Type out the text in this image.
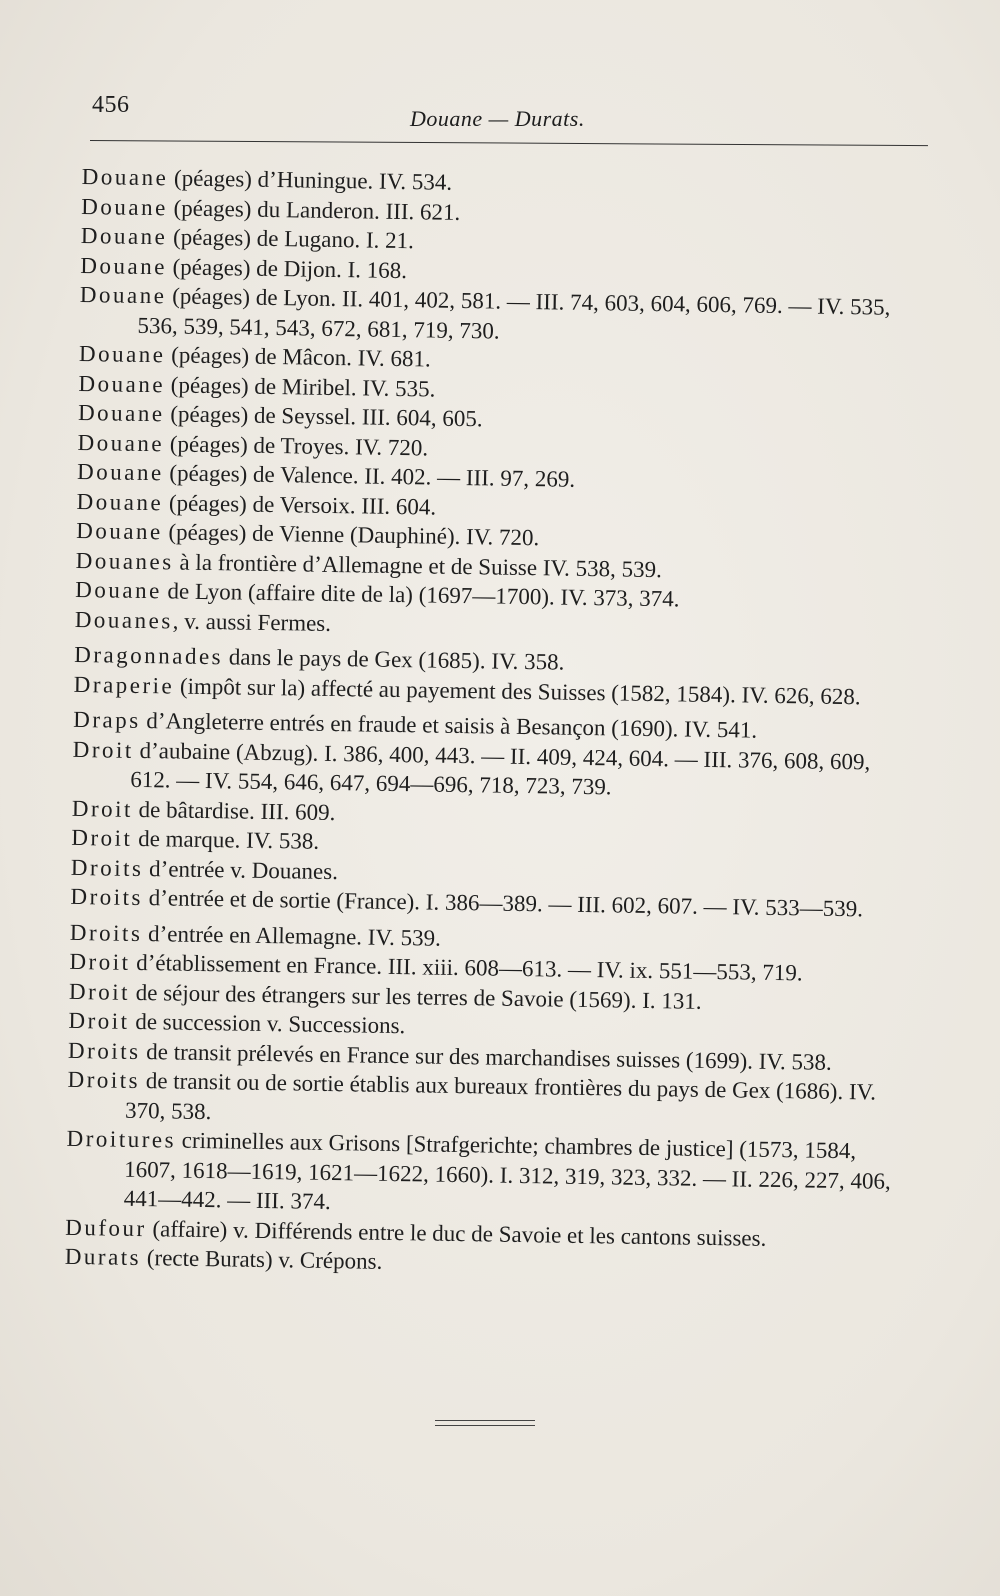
456
Douane — Durats.

Douane (péages) d’Huningue. IV. 534.

Douane (péages) du Landeron. III. 621.

Douane (péages) de Lugano. I. 21.

Douane (péages) de Dijon. I. 168.

Douane (péages) de Lyon. II. 401, 402, 581. — III. 74, 603, 604, 606, 769. — IV. 535, 536, 539, 541, 543, 672, 681, 719, 730.

Douane (péages) de Mâcon. IV. 681.

Douane (péages) de Miribel. IV. 535.

Douane (péages) de Seyssel. III. 604, 605.

Douane (péages) de Troyes. IV. 720.

Douane (péages) de Valence. II. 402. — III. 97, 269.

Douane (péages) de Versoix. III. 604.

Douane (péages) de Vienne (Dauphiné). IV. 720.

Douanes à la frontière d’Allemagne et de Suisse IV. 538, 539.

Douane de Lyon (affaire dite de la) (1697—1700). IV. 373, 374.

Douanes, v. aussi Fermes.

Dragonnades dans le pays de Gex (1685). IV. 358.

Draperie (impôt sur la) affecté au payement des Suisses (1582, 1584). IV. 626, 628.

Draps d’Angleterre entrés en fraude et saisis à Besançon (1690). IV. 541.

Droit d’aubaine (Abzug). I. 386, 400, 443. — II. 409, 424, 604. — III. 376, 608, 609, 612. — IV. 554, 646, 647, 694—696, 718, 723, 739.

Droit de bâtardise. III. 609.

Droit de marque. IV. 538.

Droits d’entrée v. Douanes.

Droits d’entrée et de sortie (France). I. 386—389. — III. 602, 607. — IV. 533—539.

Droits d’entrée en Allemagne. IV. 539.

Droit d’établissement en France. III. xiii. 608—613. — IV. ix. 551—553, 719.

Droit de séjour des étrangers sur les terres de Savoie (1569). I. 131.

Droit de succession v. Successions.

Droits de transit prélevés en France sur des marchandises suisses (1699). IV. 538.

Droits de transit ou de sortie établis aux bureaux frontières du pays de Gex (1686). IV. 370, 538.

Droitures criminelles aux Grisons [Strafgerichte; chambres de justice] (1573, 1584, 1607, 1618—1619, 1621—1622, 1660). I. 312, 319, 323, 332. — II. 226, 227, 406, 441—442. — III. 374.

Dufour (affaire) v. Différends entre le duc de Savoie et les cantons suisses.

Durats (recte Burats) v. Crépons.
